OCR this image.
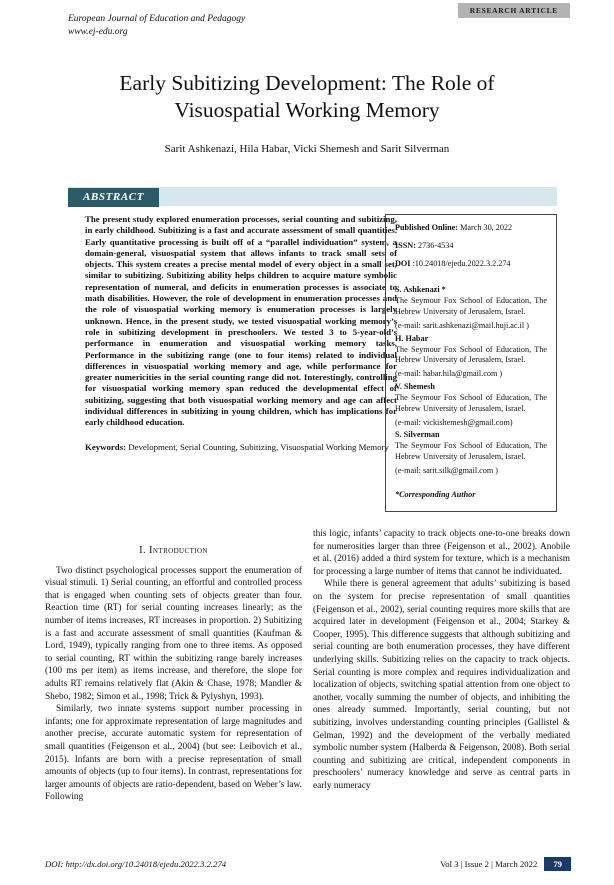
RESEARCH ARTICLE
European Journal of Education and Pedagogy
www.ej-edu.org
Early Subitizing Development: The Role of
Visuospatial Working Memory
Sarit Ashkenazi, Hila Habar, Vicki Shemesh and Sarit Silverman
ABSTRACT

The present study explored enumeration processes, serial counting and subitizing, in early childhood. Subitizing is a fast and accurate assessment of small quantities. Early quantitative processing is built off of a “parallel individuation” system, a domain-general, visuospatial system that allows infants to track small sets of objects. This system creates a precise mental model of every object in a small set, similar to subitizing. Subitizing ability helps children to acquire mature symbolic representation of numeral, and deficits in enumeration processes is associate to math disabilities. However, the role of development in enumeration processes and the role of visuospatial working memory is enumeration processes is largely unknown. Hence, in the present study, we tested visuospatial working memory’s role in subitizing development in preschoolers. We tested 3 to 5-year-old’s performance in enumeration and visuospatial working memory tasks. Performance in the subitizing range (one to four items) related to individual differences in visuospatial working memory and age, while performance for greater numericities in the serial counting range did not. Interestingly, controlling for visuospatial working memory span reduced the developmental effect of subitizing, suggesting that both visuospatial working memory and age can affect individual differences in subitizing in young children, which has implications for early childhood education.

Keywords: Development, Serial Counting, Subitizing, Visuospatial Working Memory

Published Online: March 30, 2022

ISSN: 2736-4534

DOI :10.24018/ejedu.2022.3.2.274

S. Ashkenazi *
The Seymour Fox School of Education, The Hebrew University of Jerusalem, Israel.
(e-mail: sarit.ashkenazi@mail.huji.ac.il )
H. Habar
The Seymour Fox School of Education, The Hebrew University of Jerusalem, Israel.
(e-mail: habar.hila@gmail.com )
V. Shemesh
The Seymour Fox School of Education, The Hebrew University of Jerusalem, Israel.
(e-mail: vickishemesh@gmail.com)
S. Silverman
The Seymour Fox School of Education, The Hebrew University of Jerusalem, Israel.
(e-mail: sarit.silk@gmail.com )
*Corresponding Author
I. Introduction

Two distinct psychological processes support the enumeration of visual stimuli. 1) Serial counting, an effortful and controlled process that is engaged when counting sets of objects greater than four. Reaction time (RT) for serial counting increases linearly; as the number of items increases, RT increases in proportion. 2) Subitizing is a fast and accurate assessment of small quantities (Kaufman & Lord, 1949), typically ranging from one to three items. As opposed to serial counting, RT within the subitizing range barely increases (100 ms per item) as items increase, and therefore, the slope for adults RT remains relatively flat (Akin & Chase, 1978; Mandler & Shebo, 1982; Simon et al., 1998; Trick & Pylyshyn, 1993).

Similarly, two innate systems support number processing in infants; one for approximate representation of large magnitudes and another precise, accurate automatic system for representation of small quantities (Feigenson et al., 2004) (but see: Leibovich et al., 2015). Infants are born with a precise representation of small amounts of objects (up to four items). In contrast, representations for larger amounts of objects are ratio-dependent, based on Weber’s law. Following

this logic, infants’ capacity to track objects one-to-one breaks down for numerosities larger than three (Feigenson et al., 2002). Anobile et al. (2016) added a third system for texture, which is a mechanism for processing a large number of items that cannot be individuated.

While there is general agreement that adults’ subitizing is based on the system for precise representation of small quantities (Feigenson et al., 2002), serial counting requires more skills that are acquired later in development (Feigenson et al., 2004; Starkey & Cooper, 1995). This difference suggests that although subitizing and serial counting are both enumeration processes, they have different underlying skills. Subitizing relies on the capacity to track objects. Serial counting is more complex and requires individualization and localization of objects, switching spatial attention from one object to another, vocally summing the number of objects, and inhibiting the ones already summed. Importantly, serial counting, but not subitizing, involves understanding counting principles (Gallistel & Gelman, 1992) and the development of the verbally mediated symbolic number system (Halberda & Feigenson, 2008). Both serial counting and subitizing are critical, independent components in preschoolers’ numeracy knowledge and serve as central parts in early numeracy

DOI: http://dx.doi.org/10.24018/ejedu.2022.3.2.274	Vol 3 | Issue 2 | March 2022	79
